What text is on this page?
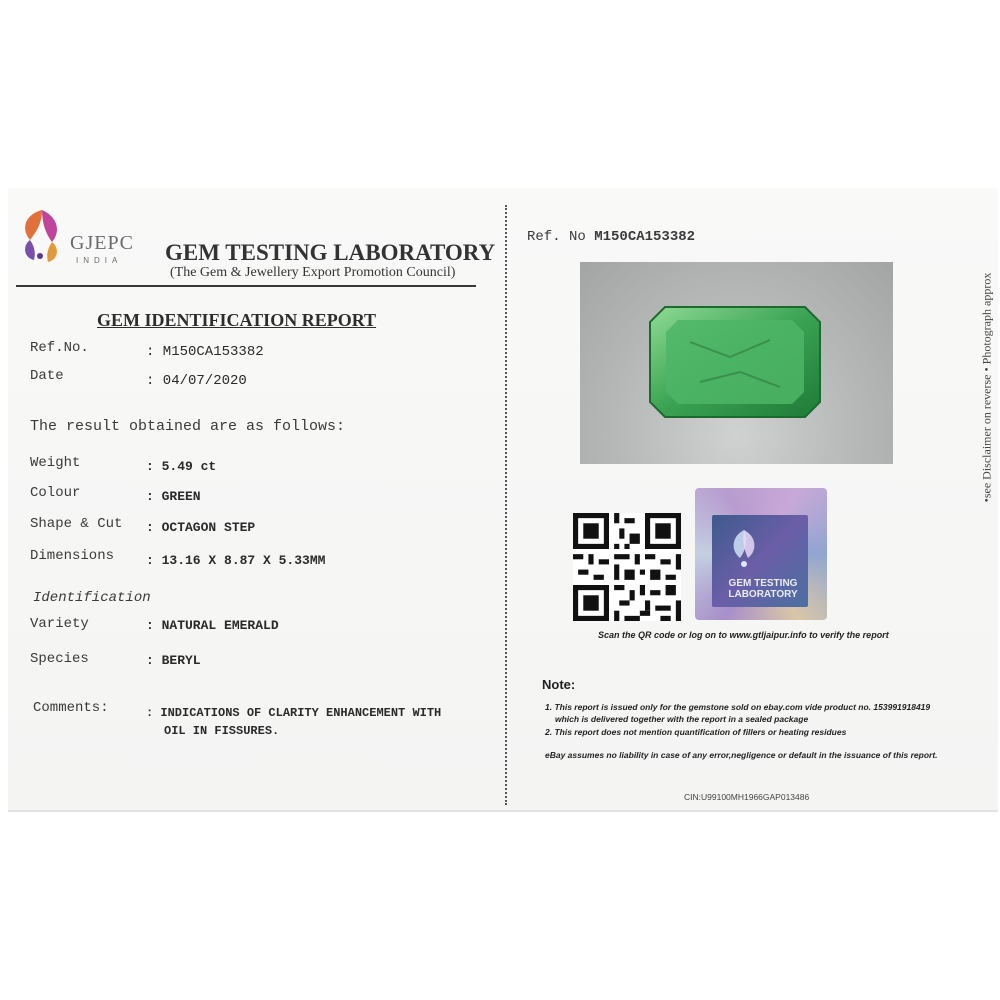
GJEPC
INDIA GEM TESTING LABORATORY
(The Gem & Jewellery Export Promotion Council)
GEM IDENTIFICATION REPORT
Ref.No.	: M150CA153382
Date	: 04/07/2020
The result obtained are as follows:
Weight	: 5.49 ct
Colour	: GREEN
Shape & Cut : OCTAGON STEP
Dimensions : 13.16 X 8.87 X 5.33MM
Identification
Variety	: NATURAL EMERALD
Species	: BERYL
Comments:	: INDICATIONS OF CLARITY ENHANCEMENT WITH
OIL IN FISSURES.
Ref. No M150CA153382
GEM TESTING LABORATORY
Scan the QR code or log on to www.gtljaipur.info to verify the report
Note:
1. This report is issued only for the gemstone sold on ebay.com vide product no. 153991918419
which is delivered together with the report in a sealed package
2. This report does not mention quantification of fillers or heating residues
eBay assumes no liability in case of any error,negligence or default in the issuance of this report.
CIN:U99100MH1966GAP013486
•see Disclaimer on reverse • Photograph approx
